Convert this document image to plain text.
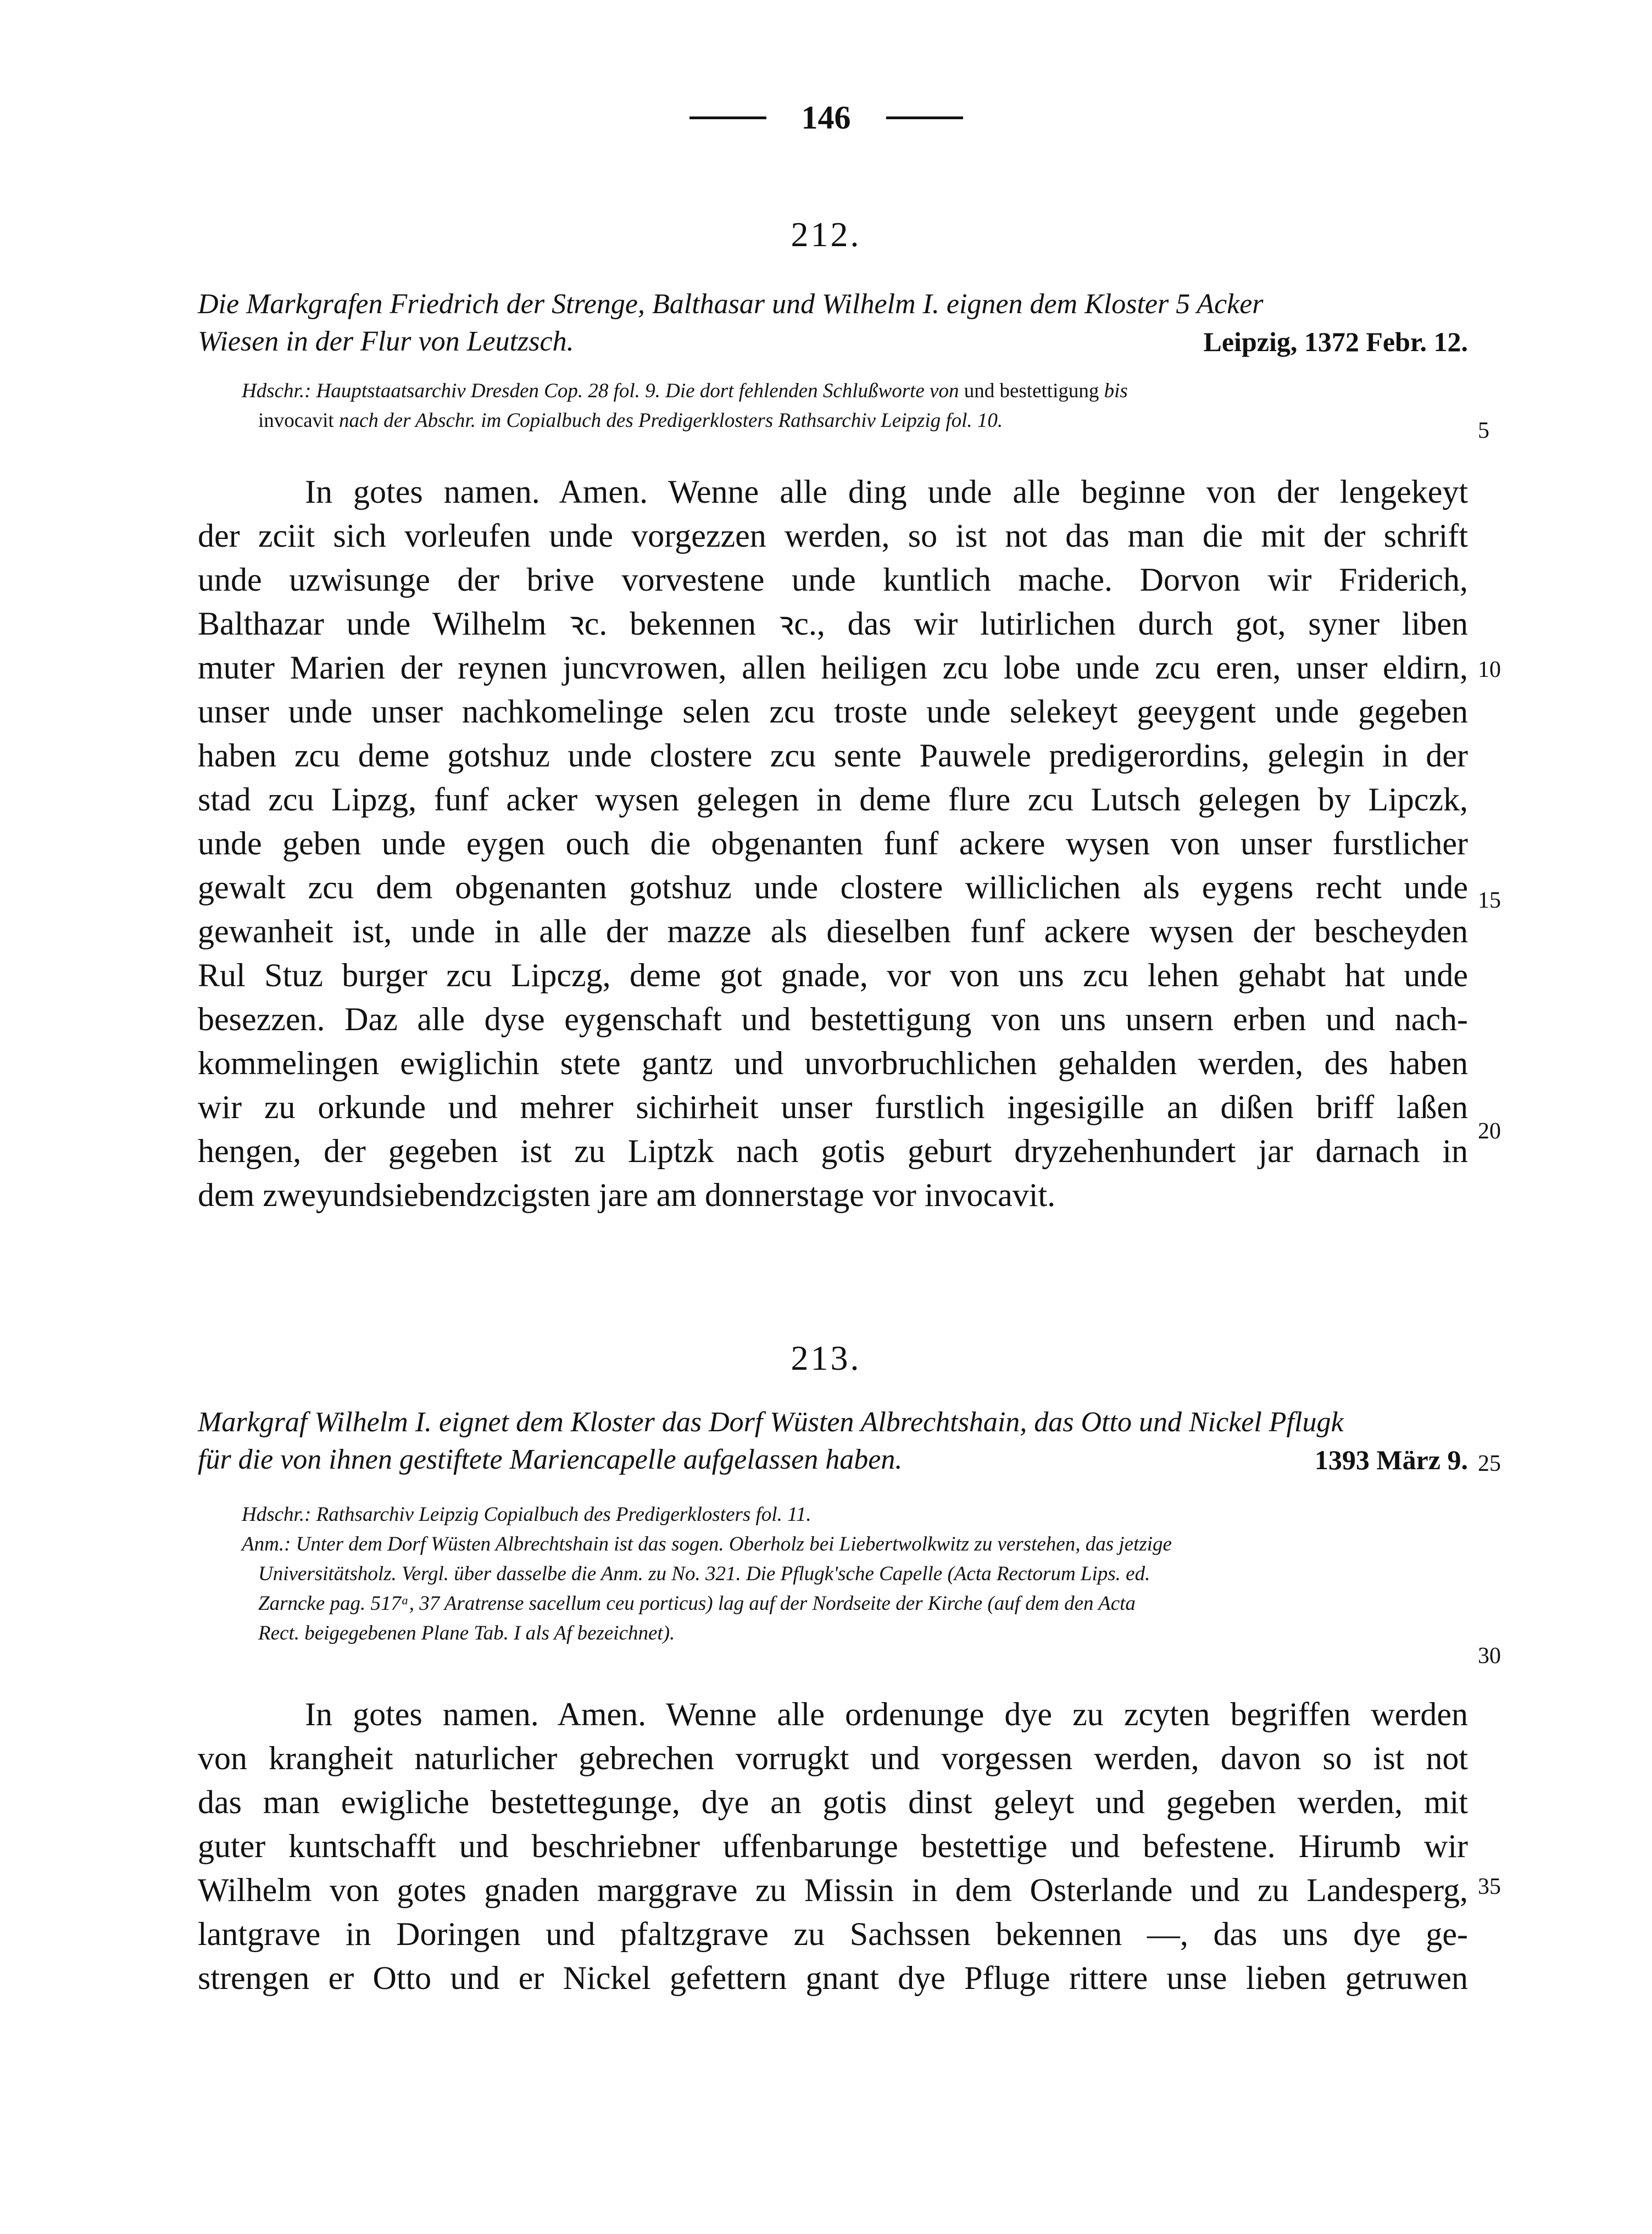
146
212.
Die Markgrafen Friedrich der Strenge, Balthasar und Wilhelm I. eignen dem Kloster 5 Acker
Wiesen in der Flur von Leutzsch.	Leipzig, 1372 Febr. 12.
Hdschr.: Hauptstaatsarchiv Dresden Cop. 28 fol. 9. Die dort fehlenden Schlußworte von und bestettigung bis
invocavit nach der Abschr. im Copialbuch des Predigerklosters Rathsarchiv Leipzig fol. 10.
In gotes namen. Amen. Wenne alle ding unde alle beginne von der lengekeyt
der zciit sich vorleufen unde vorgezzen werden, so ist not das man die mit der schrift
unde uzwisunge der brive vorvestene unde kuntlich mache. Dorvon wir Friderich,
Balthazar unde Wilhelm ꝛc. bekennen ꝛc., das wir lutirlichen durch got, syner liben
muter Marien der reynen juncvrowen, allen heiligen zcu lobe unde zcu eren, unser eldirn,
unser unde unser nachkomelinge selen zcu troste unde selekeyt geeygent unde gegeben
haben zcu deme gotshuz unde clostere zcu sente Pauwele predigerordins, gelegin in der
stad zcu Lipzg, funf acker wysen gelegen in deme flure zcu Lutsch gelegen by Lipczk,
unde geben unde eygen ouch die obgenanten funf ackere wysen von unser furstlicher
gewalt zcu dem obgenanten gotshuz unde clostere williclichen als eygens recht unde
gewanheit ist, unde in alle der mazze als dieselben funf ackere wysen der bescheyden
Rul Stuz burger zcu Lipczg, deme got gnade, vor von uns zcu lehen gehabt hat unde
besezzen. Daz alle dyse eygenschaft und bestettigung von uns unsern erben und nach-
kommelingen ewiglichin stete gantz und unvorbruchlichen gehalden werden, des haben
wir zu orkunde und mehrer sichirheit unser furstlich ingesigille an dißen briff laßen
hengen, der gegeben ist zu Liptzk nach gotis geburt dryzehenhundert jar darnach in
dem zweyundsiebendzcigsten jare am donnerstage vor invocavit.
213.
Markgraf Wilhelm I. eignet dem Kloster das Dorf Wüsten Albrechtshain, das Otto und Nickel Pflugk
für die von ihnen gestiftete Mariencapelle aufgelassen haben.	1393 März 9.
Hdschr.: Rathsarchiv Leipzig Copialbuch des Predigerklosters fol. 11.
Anm.: Unter dem Dorf Wüsten Albrechtshain ist das sogen. Oberholz bei Liebertwolkwitz zu verstehen, das jetzige
Universitätsholz. Vergl. über dasselbe die Anm. zu No. 321. Die Pflugk'sche Capelle (Acta Rectorum Lips. ed.
Zarncke pag. 517ᵃ, 37 Aratrense sacellum ceu porticus) lag auf der Nordseite der Kirche (auf dem den Acta
Rect. beigegebenen Plane Tab. I als Af bezeichnet).
In gotes namen. Amen. Wenne alle ordenunge dye zu zcyten begriffen werden
von krangheit naturlicher gebrechen vorrugkt und vorgessen werden, davon so ist not
das man ewigliche bestettegunge, dye an gotis dinst geleyt und gegeben werden, mit
guter kuntschafft und beschriebner uffenbarunge bestettige und befestene. Hirumb wir
Wilhelm von gotes gnaden marggrave zu Missin in dem Osterlande und zu Landesperg,
lantgrave in Doringen und pfaltzgrave zu Sachssen bekennen —, das uns dye ge-
strengen er Otto und er Nickel gefettern gnant dye Pfluge rittere unse lieben getruwen
5
10
15
20
25
30
35
